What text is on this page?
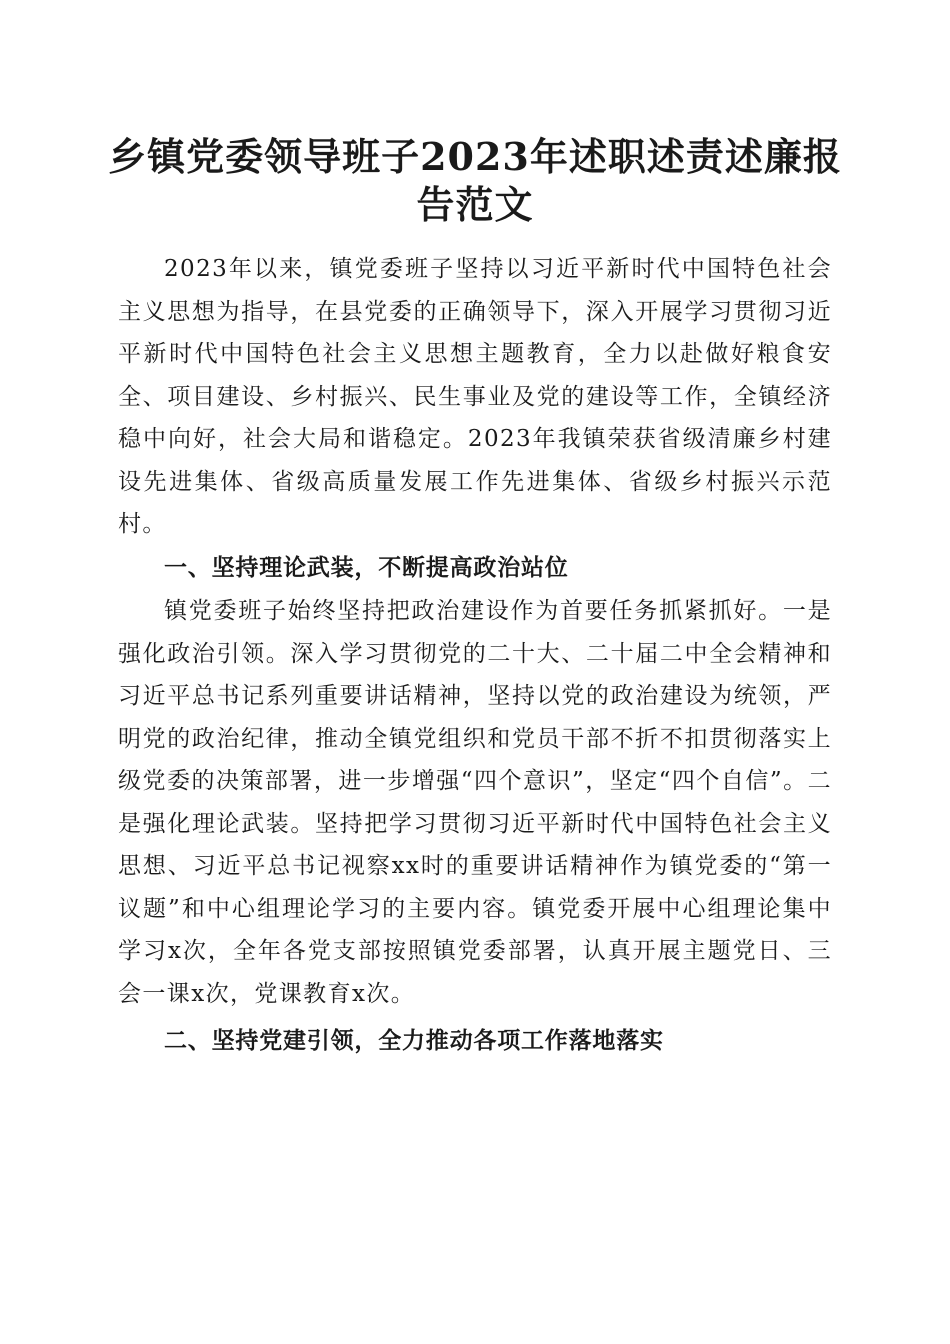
乡镇党委领导班子2023年述职述责述廉报告范文

2023年以来，镇党委班子坚持以习近平新时代中国特色社会主义思想为指导，在县党委的正确领导下，深入开展学习贯彻习近平新时代中国特色社会主义思想主题教育，全力以赴做好粮食安全、项目建设、乡村振兴、民生事业及党的建设等工作，全镇经济稳中向好，社会大局和谐稳定。2023年我镇荣获省级清廉乡村建设先进集体、省级高质量发展工作先进集体、省级乡村振兴示范村。

一、坚持理论武装，不断提高政治站位

镇党委班子始终坚持把政治建设作为首要任务抓紧抓好。一是强化政治引领。深入学习贯彻党的二十大、二十届二中全会精神和习近平总书记系列重要讲话精神，坚持以党的政治建设为统领，严明党的政治纪律，推动全镇党组织和党员干部不折不扣贯彻落实上级党委的决策部署，进一步增强“四个意识”，坚定“四个自信”。二是强化理论武装。坚持把学习贯彻习近平新时代中国特色社会主义思想、习近平总书记视察xx时的重要讲话精神作为镇党委的“第一议题”和中心组理论学习的主要内容。镇党委开展中心组理论集中学习x次，全年各党支部按照镇党委部署，认真开展主题党日、三会一课x次，党课教育x次。

二、坚持党建引领，全力推动各项工作落地落实
